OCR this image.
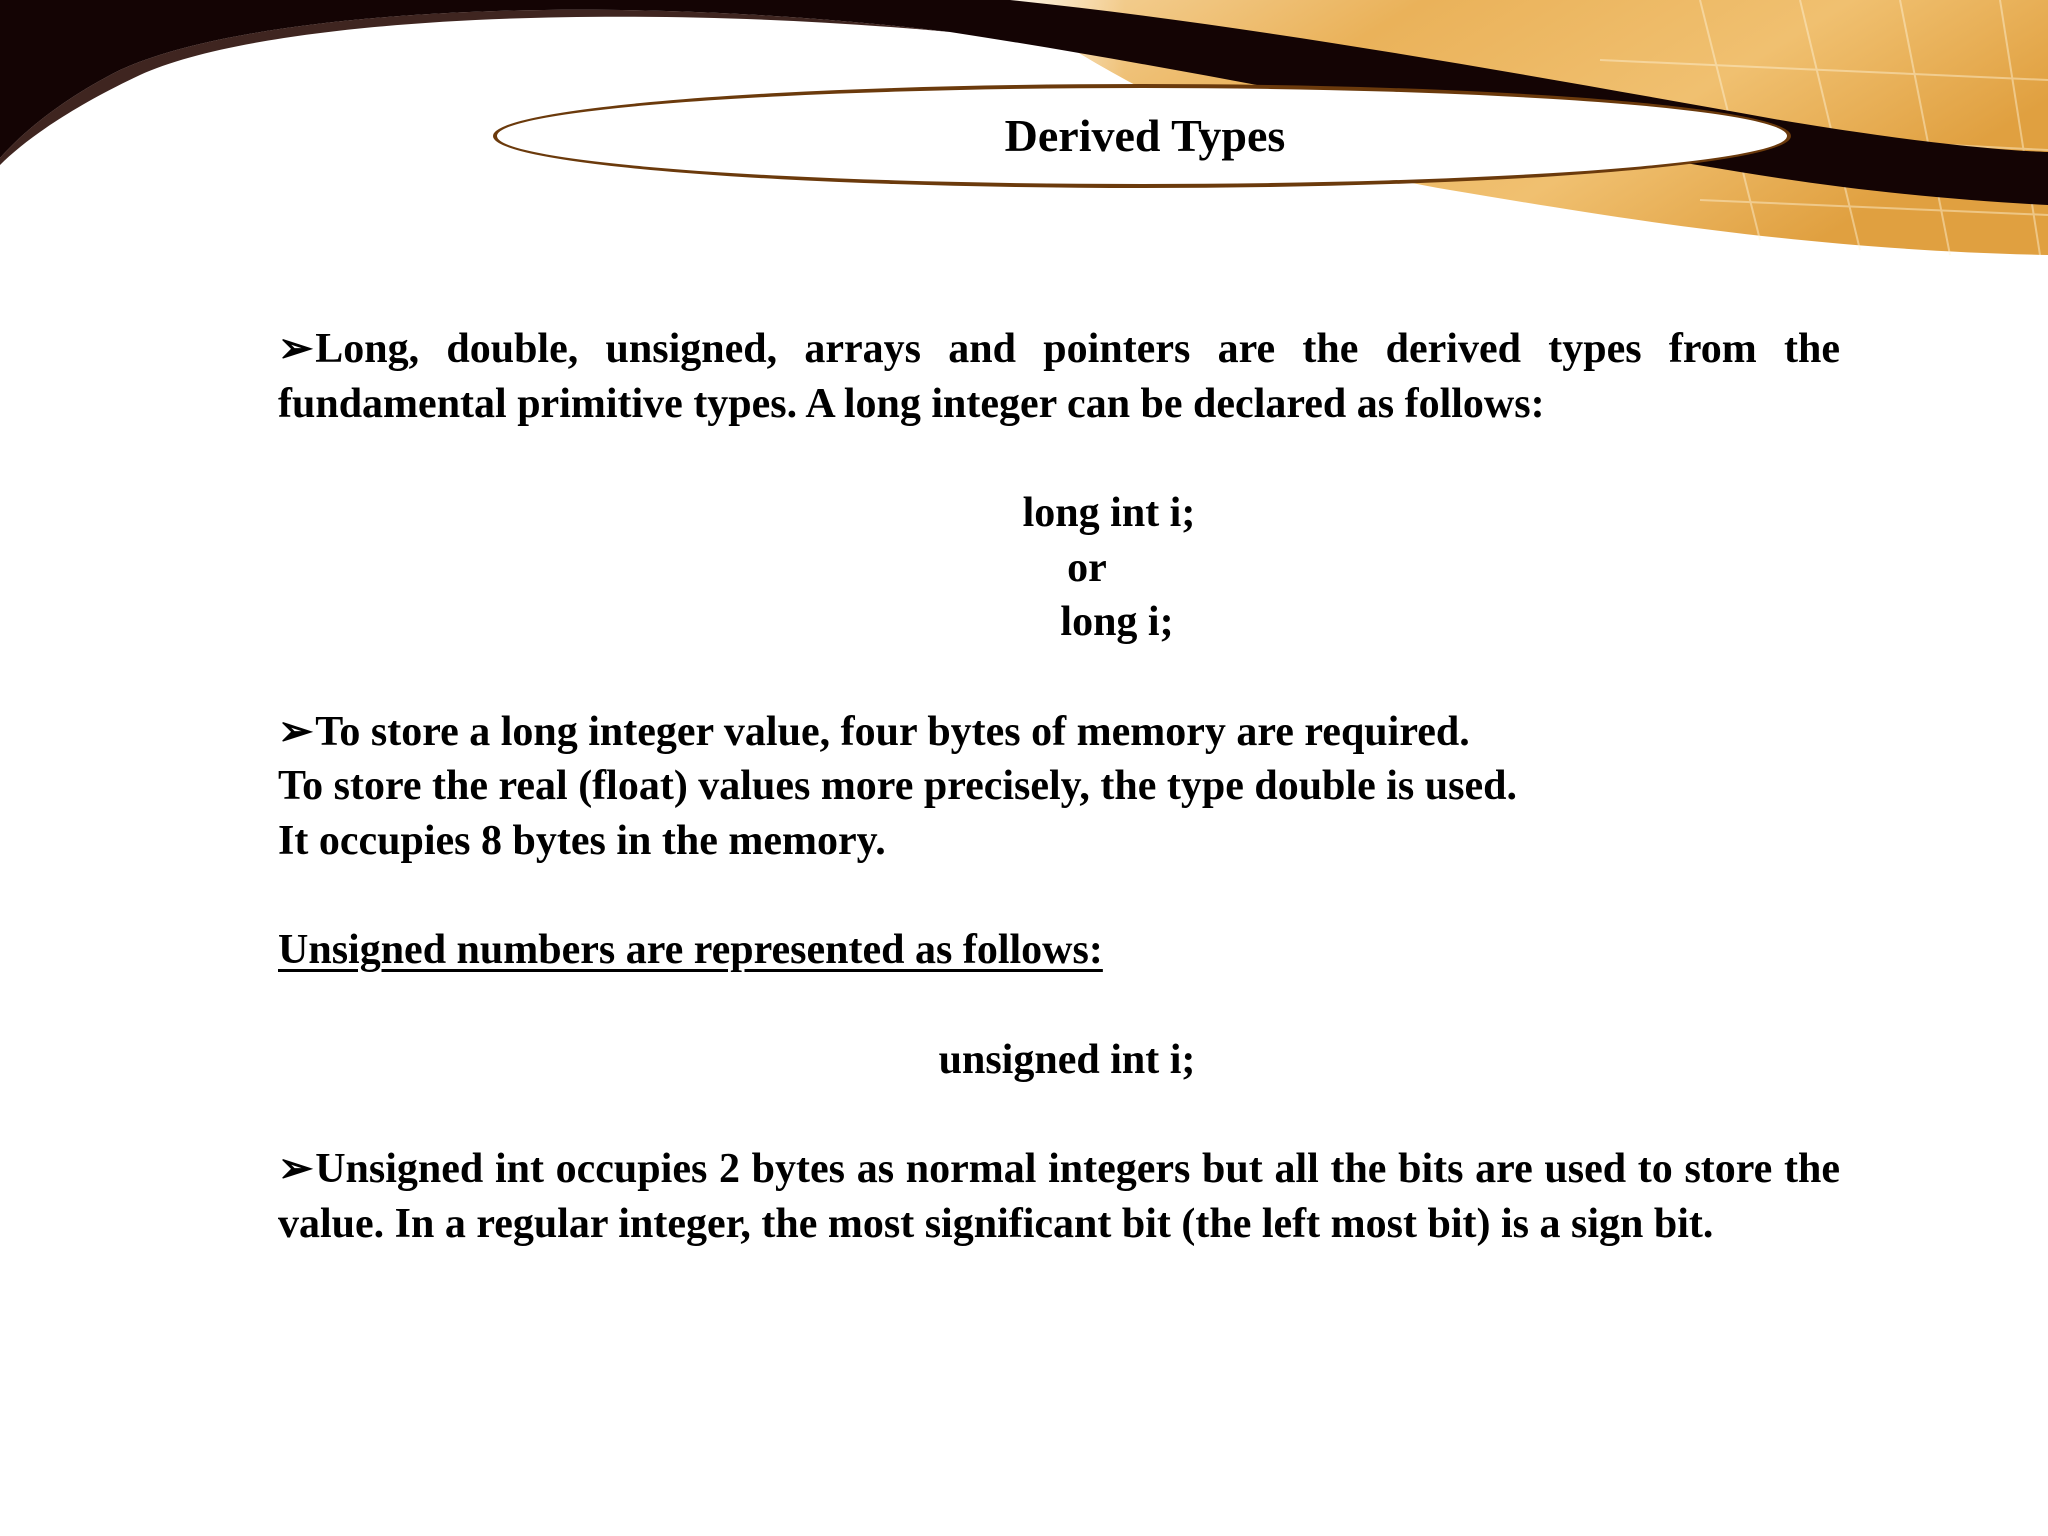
Derived Types

➢Long, double, unsigned, arrays and pointers are the derived types from the fundamental primitive types. A long integer can be declared as follows:

long int i;

or

long i;

➢To store a long integer value, four bytes of memory are required.

To store the real (float) values more precisely, the type double is used.

It occupies 8 bytes in the memory.

Unsigned numbers are represented as follows:

unsigned int i;

➢Unsigned int occupies 2 bytes as normal integers but all the bits are used to store the value. In a regular integer, the most significant bit (the left most bit) is a sign bit.
